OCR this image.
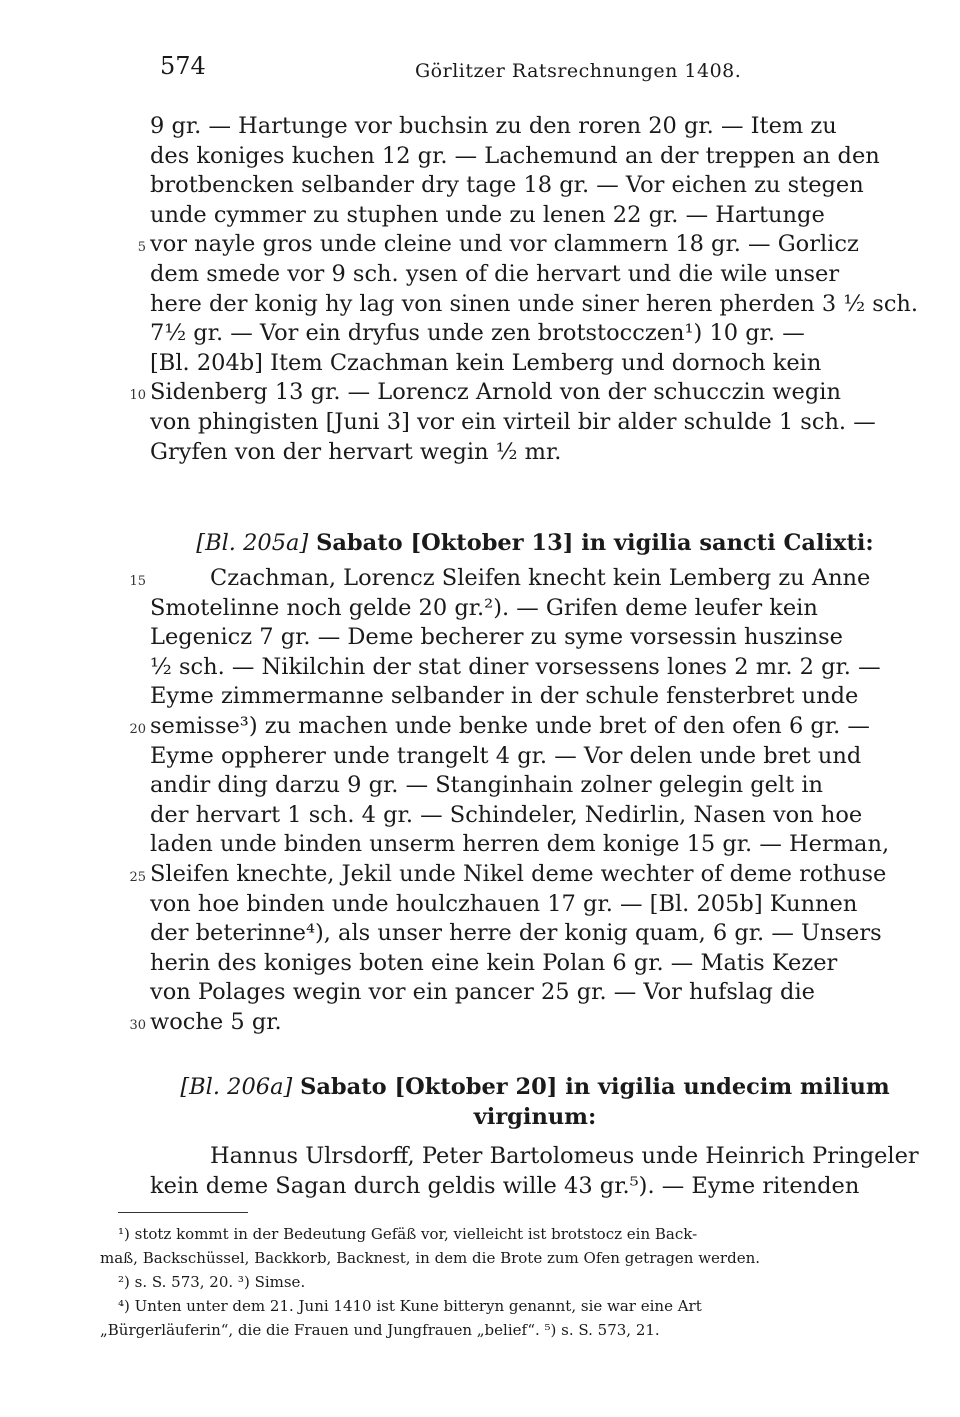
574	Görlitzer Ratsrechnungen 1408.
9 gr. — Hartunge vor buchsin zu den roren 20 gr. — Item zu
des koniges kuchen 12 gr. — Lachemund an der treppen an den
brotbencken selbander dry tage 18 gr. — Vor eichen zu stegen
unde cymmer zu stuphen unde zu lenen 22 gr. — Hartunge
5 vor nayle gros unde cleine und vor clammern 18 gr. — Gorlicz
dem smede vor 9 sch. ysen of die hervart und die wile unser
here der konig hy lag von sinen unde siner heren pherden 3 ½ sch.
7½ gr. — Vor ein dryfus unde zen brotstocczen¹) 10 gr. —
[Bl. 204b] Item Czachman kein Lemberg und dornoch kein
10 Sidenberg 13 gr. — Lorencz Arnold von der schucczin wegin
von phingisten [Juni 3] vor ein virteil bir alder schulde 1 sch. —
Gryfen von der hervart wegin ½ mr.
[Bl. 205a] Sabato [Oktober 13] in vigilia sancti Calixti:
15	Czachman, Lorencz Sleifen knecht kein Lemberg zu Anne
Smotelinne noch gelde 20 gr.²). — Grifen deme leufer kein
Legenicz 7 gr. — Deme becherer zu syme vorsessin huszinse
½ sch. — Nikilchin der stat diner vorsessens lones 2 mr. 2 gr. —
Eyme zimmermanne selbander in der schule fensterbret unde
20 semisse³) zu machen unde benke unde bret of den ofen 6 gr. —
Eyme oppherer unde trangelt 4 gr. — Vor delen unde bret und
andir ding darzu 9 gr. — Stanginhain zolner gelegin gelt in
der hervart 1 sch. 4 gr. — Schindeler, Nedirlin, Nasen von hoe
laden unde binden unserm herren dem konige 15 gr. — Herman,
25 Sleifen knechte, Jekil unde Nikel deme wechter of deme rothuse
von hoe binden unde houlczhauen 17 gr. — [Bl. 205b] Kunnen
der beterinne⁴), als unser herre der konig quam, 6 gr. — Unsers
herin des koniges boten eine kein Polan 6 gr. — Matis Kezer
von Polages wegin vor ein pancer 25 gr. — Vor hufslag die
30 woche 5 gr.
[Bl. 206a] Sabato [Oktober 20] in vigilia undecim milium
virginum:
Hannus Ulrsdorff, Peter Bartolomeus unde Heinrich Pringeler
kein deme Sagan durch geldis wille 43 gr.⁵). — Eyme ritenden
¹) stotz kommt in der Bedeutung Gefäß vor, vielleicht ist brotstocz ein Back-
maß, Backschüssel, Backkorb, Backnest, in dem die Brote zum Ofen getragen werden.
²) s. S. 573, 20. ³) Simse.
⁴) Unten unter dem 21. Juni 1410 ist Kune bitteryn genannt, sie war eine Art
„Bürgerläuferin“, die die Frauen und Jungfrauen „belief“. ⁵) s. S. 573, 21.
